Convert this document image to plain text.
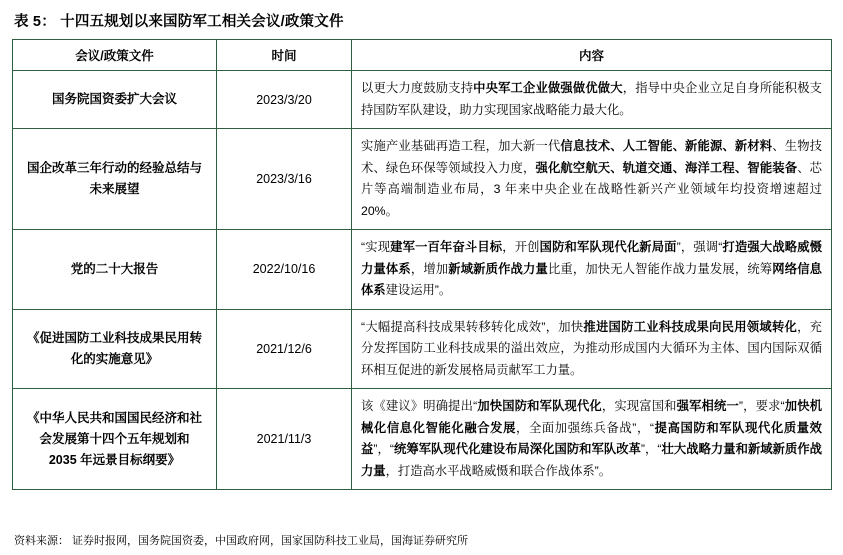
表 5： 十四五规划以来国防军工相关会议/政策文件
会议/政策文件	时间	内容
国务院国资委扩大会议	2023/3/20	以更大力度鼓励支持中央军工企业做强做优做大，指导中央企业立足自身所能积极支持国防军队建设，助力实现国家战略能力最大化。
国企改革三年行动的经验总结与未来展望	2023/3/16	实施产业基础再造工程，加大新一代信息技术、人工智能、新能源、新材料、生物技术、绿色环保等领域投入力度，强化航空航天、轨道交通、海洋工程、智能装备、芯片等高端制造业布局，3 年来中央企业在战略性新兴产业领域年均投资增速超过 20%。
党的二十大报告	2022/10/16	“实现建军一百年奋斗目标，开创国防和军队现代化新局面”，强调“打造强大战略威慑力量体系，增加新域新质作战力量比重，加快无人智能作战力量发展，统筹网络信息体系建设运用”。
《促进国防工业科技成果民用转化的实施意见》	2021/12/6	“大幅提高科技成果转移转化成效”，加快推进国防工业科技成果向民用领域转化，充分发挥国防工业科技成果的溢出效应，为推动形成国内大循环为主体、国内国际双循环相互促进的新发展格局贡献军工力量。
《中华人民共和国国民经济和社会发展第十四个五年规划和 2035 年远景目标纲要》	2021/11/3	该《建议》明确提出“加快国防和军队现代化，实现富国和强军相统一”，要求“加快机械化信息化智能化融合发展，全面加强练兵备战”，“提高国防和军队现代化质量效益”，“统筹军队现代化建设布局深化国防和军队改革”，“壮大战略力量和新域新质作战力量，打造高水平战略威慑和联合作战体系”。
资料来源： 证券时报网，国务院国资委，中国政府网，国家国防科技工业局，国海证券研究所
